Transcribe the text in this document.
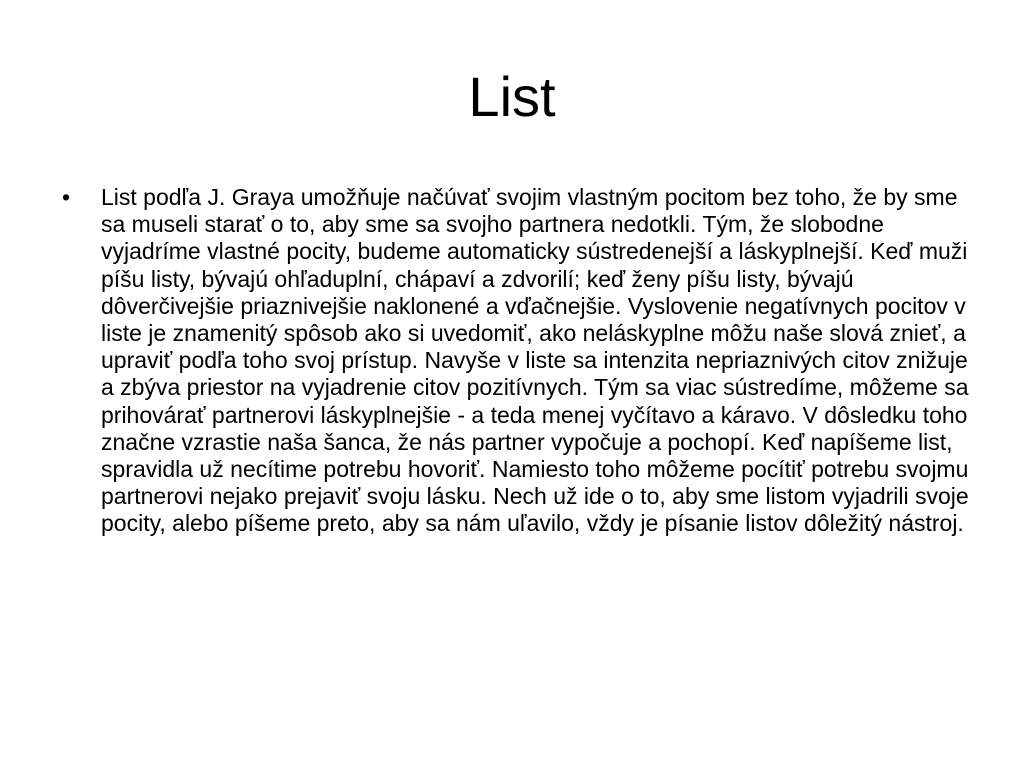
List
• List podľa J. Graya umožňuje načúvať svojim vlastným pocitom bez toho, že by sme sa museli starať o to, aby sme sa svojho partnera nedotkli. Tým, že slobodne vyjadríme vlastné pocity, budeme automaticky sústredenejší a láskyplnejší. Keď muži píšu listy, bývajú ohľaduplní, chápaví a zdvorilí; keď ženy píšu listy, bývajú dôverčivejšie priaznivejšie naklonené a vďačnejšie. Vyslovenie negatívnych pocitov v liste je znamenitý spôsob ako si uvedomiť, ako neláskyplne môžu naše slová znieť, a upraviť podľa toho svoj prístup. Navyše v liste sa intenzita nepriaznivých citov znižuje a zbýva priestor na vyjadrenie citov pozitívnych. Tým sa viac sústredíme, môžeme sa prihovárať partnerovi láskyplnejšie - a teda menej vyčítavo a káravo. V dôsledku toho značne vzrastie naša šanca, že nás partner vypočuje a pochopí. Keď napíšeme list, spravidla už necítime potrebu hovoriť. Namiesto toho môžeme pocítiť potrebu svojmu partnerovi nejako prejaviť svoju lásku. Nech už ide o to, aby sme listom vyjadrili svoje pocity, alebo píšeme preto, aby sa nám uľavilo, vždy je písanie listov dôležitý nástroj.
